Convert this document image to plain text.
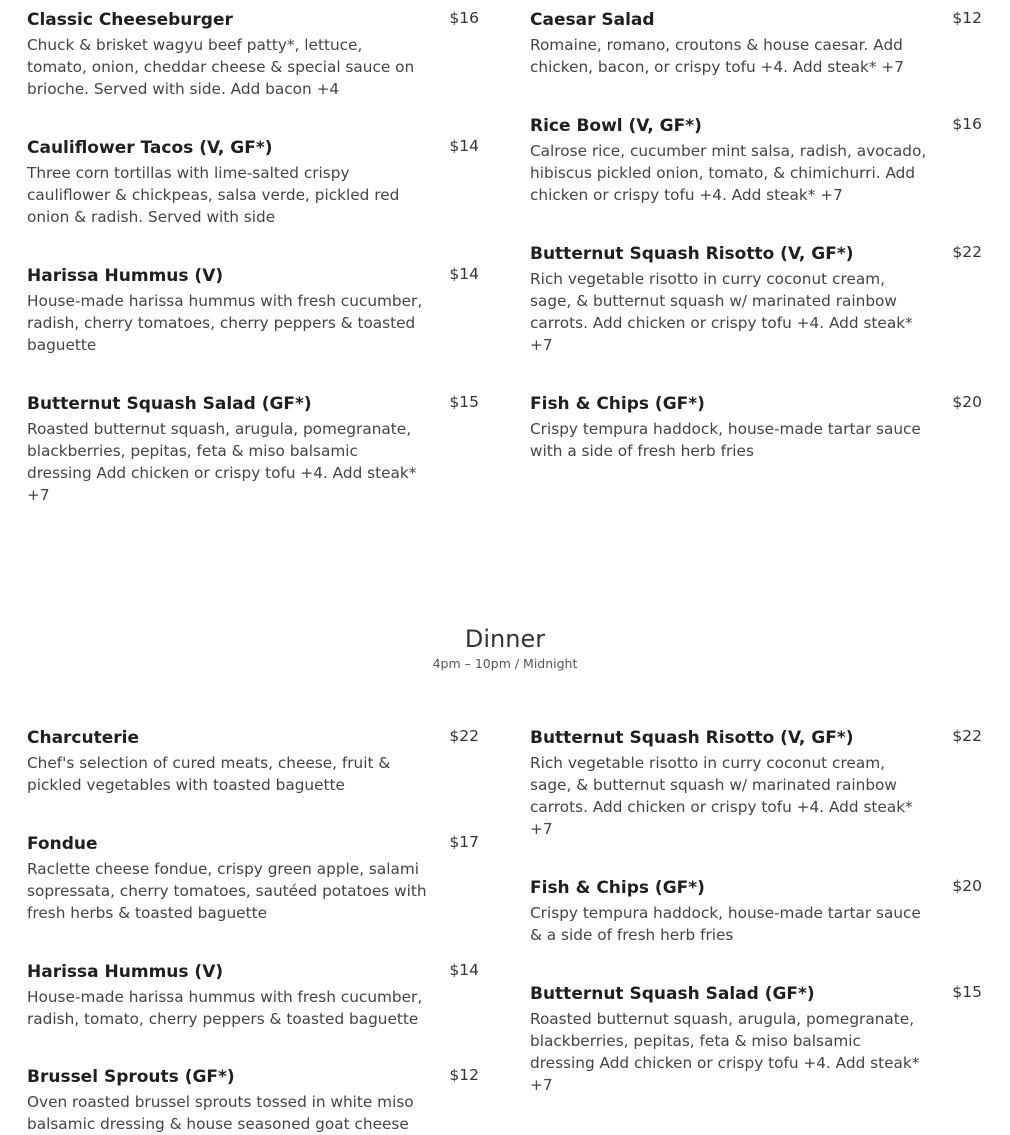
Classic Cheeseburger	$16
Chuck & brisket wagyu beef patty*, lettuce, tomato, onion, cheddar cheese & special sauce on brioche. Served with side. Add bacon +4
Cauliflower Tacos (V, GF*)	$14
Three corn tortillas with lime-salted crispy cauliflower & chickpeas, salsa verde, pickled red onion & radish. Served with side
Harissa Hummus (V)	$14
House-made harissa hummus with fresh cucumber, radish, cherry tomatoes, cherry peppers & toasted baguette
Butternut Squash Salad (GF*)	$15
Roasted butternut squash, arugula, pomegranate, blackberries, pepitas, feta & miso balsamic dressing Add chicken or crispy tofu +4. Add steak* +7
Caesar Salad	$12
Romaine, romano, croutons & house caesar. Add chicken, bacon, or crispy tofu +4. Add steak* +7
Rice Bowl (V, GF*)	$16
Calrose rice, cucumber mint salsa, radish, avocado, hibiscus pickled onion, tomato, & chimichurri. Add chicken or crispy tofu +4. Add steak* +7
Butternut Squash Risotto (V, GF*)	$22
Rich vegetable risotto in curry coconut cream, sage, & butternut squash w/ marinated rainbow carrots. Add chicken or crispy tofu +4. Add steak* +7
Fish & Chips (GF*)	$20
Crispy tempura haddock, house-made tartar sauce with a side of fresh herb fries
Dinner
4pm – 10pm / Midnight
Charcuterie	$22
Chef's selection of cured meats, cheese, fruit & pickled vegetables with toasted baguette
Fondue	$17
Raclette cheese fondue, crispy green apple, salami sopressata, cherry tomatoes, sautéed potatoes with fresh herbs & toasted baguette
Harissa Hummus (V)	$14
House-made harissa hummus with fresh cucumber, radish, tomato, cherry peppers & toasted baguette
Brussel Sprouts (GF*)	$12
Oven roasted brussel sprouts tossed in white miso balsamic dressing & house seasoned goat cheese
Butternut Squash Risotto (V, GF*)	$22
Rich vegetable risotto in curry coconut cream, sage, & butternut squash w/ marinated rainbow carrots. Add chicken or crispy tofu +4. Add steak* +7
Fish & Chips (GF*)	$20
Crispy tempura haddock, house-made tartar sauce & a side of fresh herb fries
Butternut Squash Salad (GF*)	$15
Roasted butternut squash, arugula, pomegranate, blackberries, pepitas, feta & miso balsamic dressing Add chicken or crispy tofu +4. Add steak* +7
